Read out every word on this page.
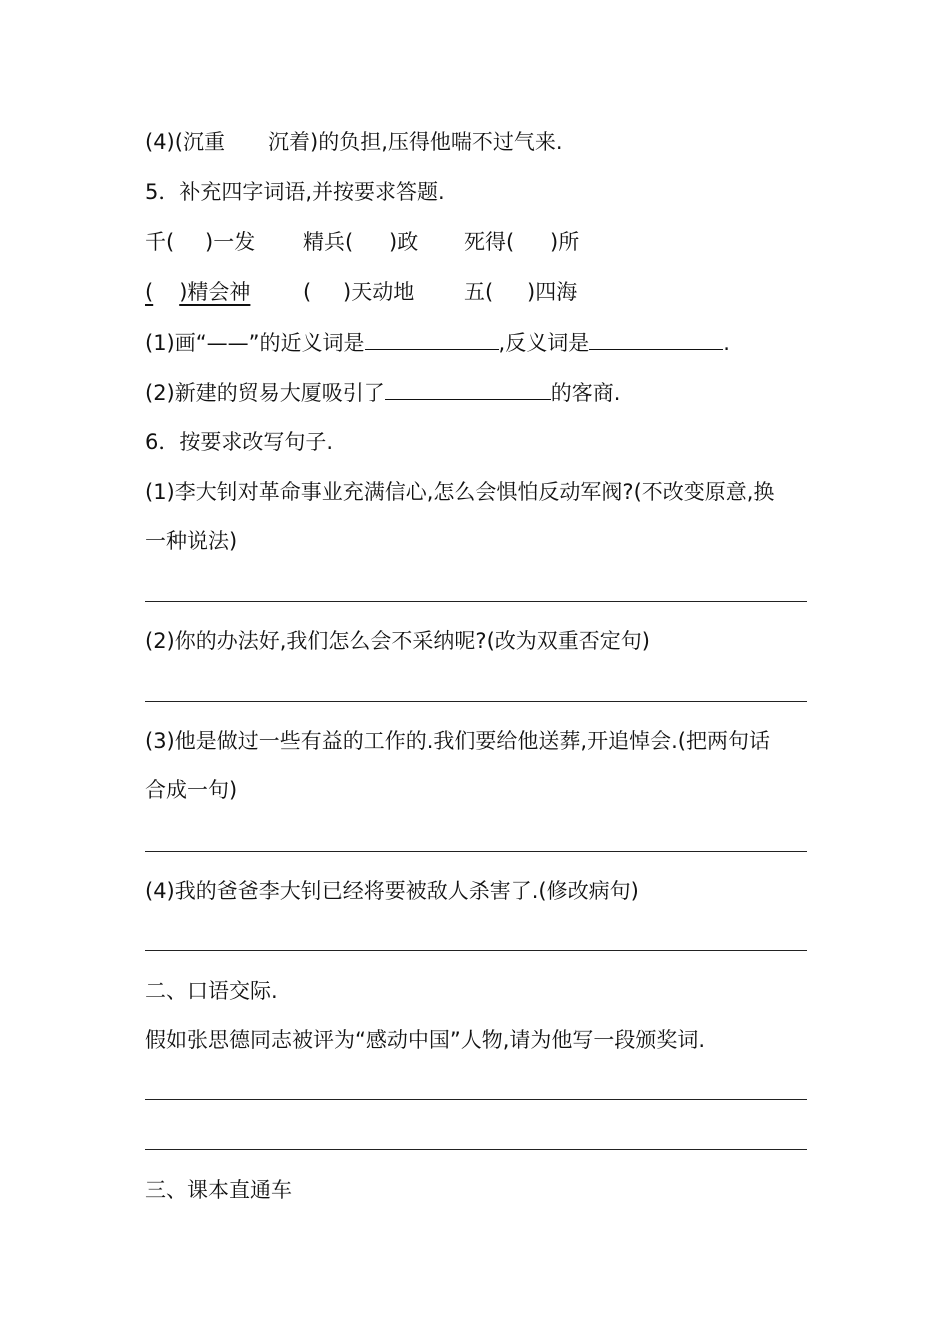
(4)(沉重 沉着)的负担,压得他喘不过气来.
5．补充四字词语,并按要求答题.
千( )一发 精兵( )政 死得( )所
( )精会神	( )天动地 五( )四海
(1)画“——”的近义词是	,反义词是	.
(2)新建的贸易大厦吸引了	的客商.
6．按要求改写句子.
(1)李大钊对革命事业充满信心,怎么会惧怕反动军阀?(不改变原意,换
一种说法)
(2)你的办法好,我们怎么会不采纳呢?(改为双重否定句)
(3)他是做过一些有益的工作的.我们要给他送葬,开追悼会.(把两句话
合成一句)
(4)我的爸爸李大钊已经将要被敌人杀害了.(修改病句)
二、口语交际.
假如张思德同志被评为“感动中国”人物,请为他写一段颁奖词.
三、课本直通车
